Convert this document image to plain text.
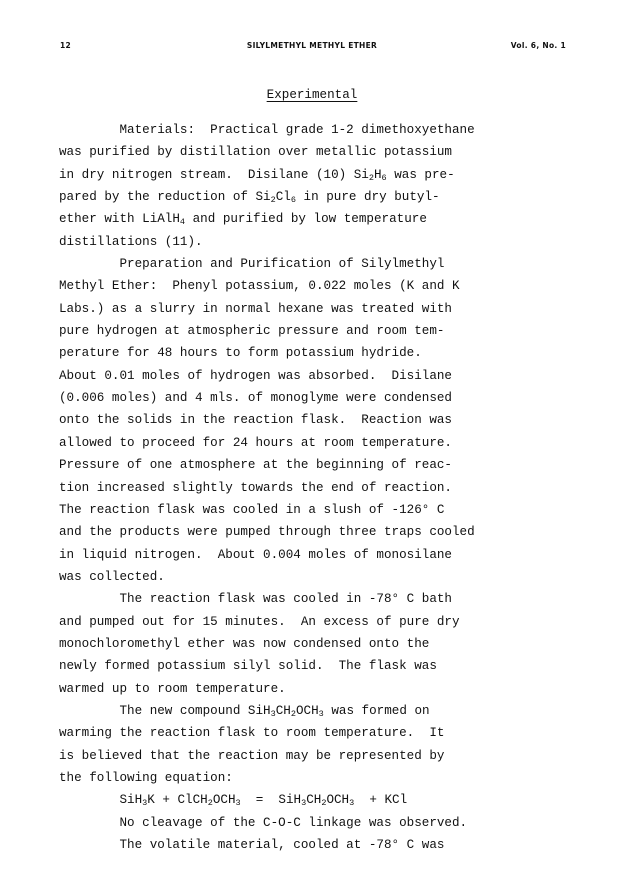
12	SILYLMETHYL METHYL ETHER	Vol. 6, No. 1
Experimental
Materials:  Practical grade 1-2 dimethoxyethane
was purified by distillation over metallic potassium
in dry nitrogen stream.  Disilane (10) $Si_2H_6$ was pre-
pared by the reduction of $Si_2Cl_6$ in pure dry butyl-
ether with LiAlH$_4$ and purified by low temperature
distillations (11).
Preparation and Purification of Silylmethyl
Methyl Ether:  Phenyl potassium, 0.022 moles (K and K
Labs.) as a slurry in normal hexane was treated with
pure hydrogen at atmospheric pressure and room tem-
perature for 48 hours to form potassium hydride.
About 0.01 moles of hydrogen was absorbed.  Disilane
(0.006 moles) and 4 mls. of monoglyme were condensed
onto the solids in the reaction flask.  Reaction was
allowed to proceed for 24 hours at room temperature.
Pressure of one atmosphere at the beginning of reac-
tion increased slightly towards the end of reaction.
The reaction flask was cooled in a slush of -126° C
and the products were pumped through three traps cooled
in liquid nitrogen.  About 0.004 moles of monosilane
was collected.
The reaction flask was cooled in -78° C bath
and pumped out for 15 minutes.  An excess of pure dry
monochloromethyl ether was now condensed onto the
newly formed potassium silyl solid.  The flask was
warmed up to room temperature.
The new compound $SiH_3CH_2OCH_3$ was formed on
warming the reaction flask to room temperature.  It
is believed that the reaction may be represented by
the following equation:
$SiH_3K + ClCH_2OCH_3 = SiH_3CH_2OCH_3$  + KCl
No cleavage of the C-O-C linkage was observed.
The volatile material, cooled at -78° C was
